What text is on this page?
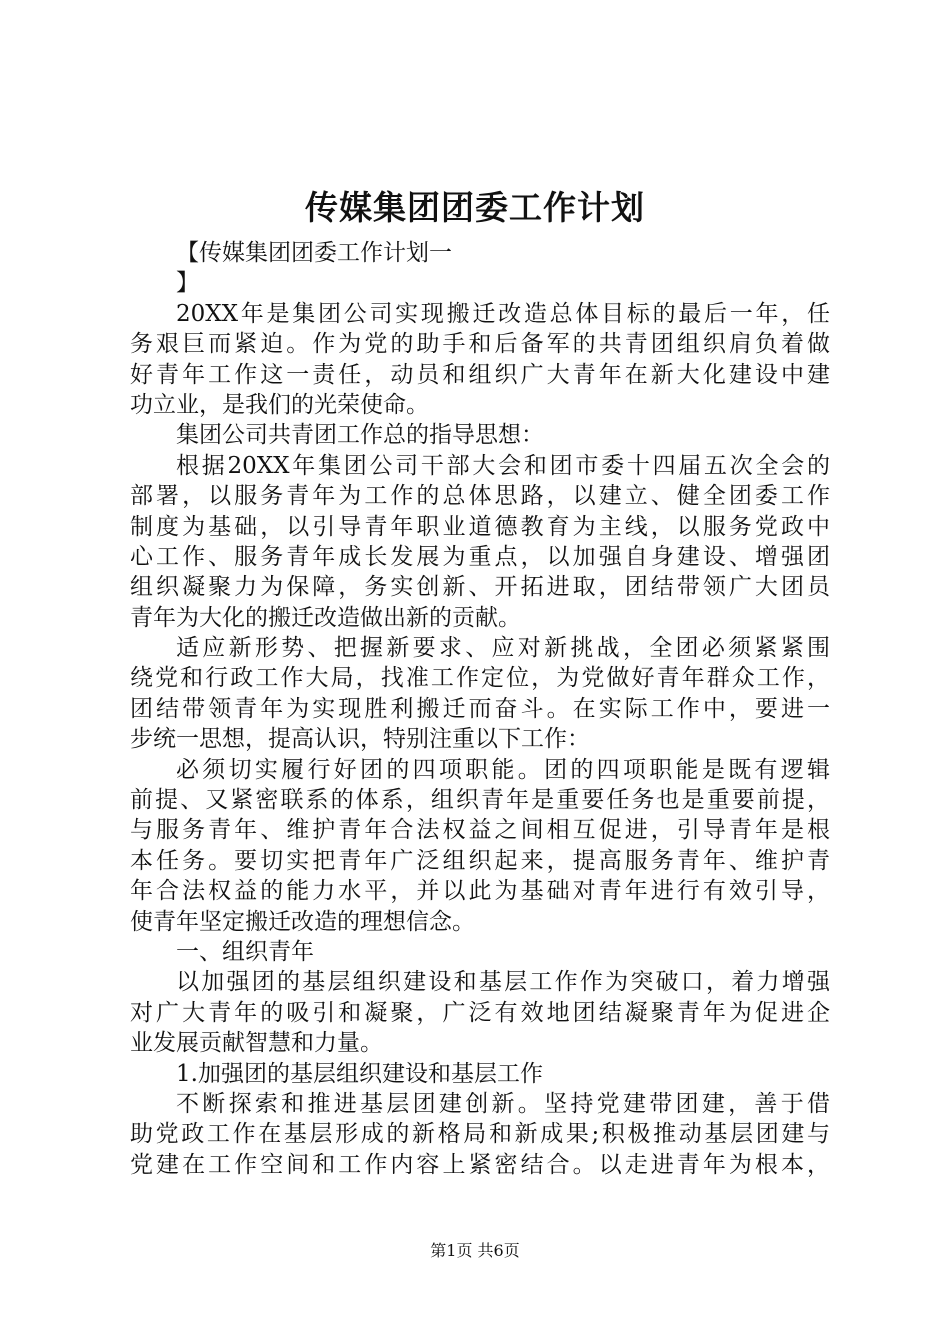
传媒集团团委工作计划
【传媒集团团委工作计划一
】
20XX年是集团公司实现搬迁改造总体目标的最后一年，任
务艰巨而紧迫。作为党的助手和后备军的共青团组织肩负着做
好青年工作这一责任，动员和组织广大青年在新大化建设中建
功立业，是我们的光荣使命。
集团公司共青团工作总的指导思想：
根据20XX年集团公司干部大会和团市委十四届五次全会的
部署，以服务青年为工作的总体思路，以建立、健全团委工作
制度为基础，以引导青年职业道德教育为主线，以服务党政中
心工作、服务青年成长发展为重点，以加强自身建设、增强团
组织凝聚力为保障，务实创新、开拓进取，团结带领广大团员
青年为大化的搬迁改造做出新的贡献。
适应新形势、把握新要求、应对新挑战，全团必须紧紧围
绕党和行政工作大局，找准工作定位，为党做好青年群众工作，
团结带领青年为实现胜利搬迁而奋斗。在实际工作中，要进一
步统一思想，提高认识，特别注重以下工作：
必须切实履行好团的四项职能。团的四项职能是既有逻辑
前提、又紧密联系的体系，组织青年是重要任务也是重要前提，
与服务青年、维护青年合法权益之间相互促进，引导青年是根
本任务。要切实把青年广泛组织起来，提高服务青年、维护青
年合法权益的能力水平，并以此为基础对青年进行有效引导，
使青年坚定搬迁改造的理想信念。
一、组织青年
以加强团的基层组织建设和基层工作作为突破口，着力增强
对广大青年的吸引和凝聚，广泛有效地团结凝聚青年为促进企
业发展贡献智慧和力量。
1.加强团的基层组织建设和基层工作
不断探索和推进基层团建创新。坚持党建带团建，善于借
助党政工作在基层形成的新格局和新成果;积极推动基层团建与
党建在工作空间和工作内容上紧密结合。以走进青年为根本，
第1页 共6页
